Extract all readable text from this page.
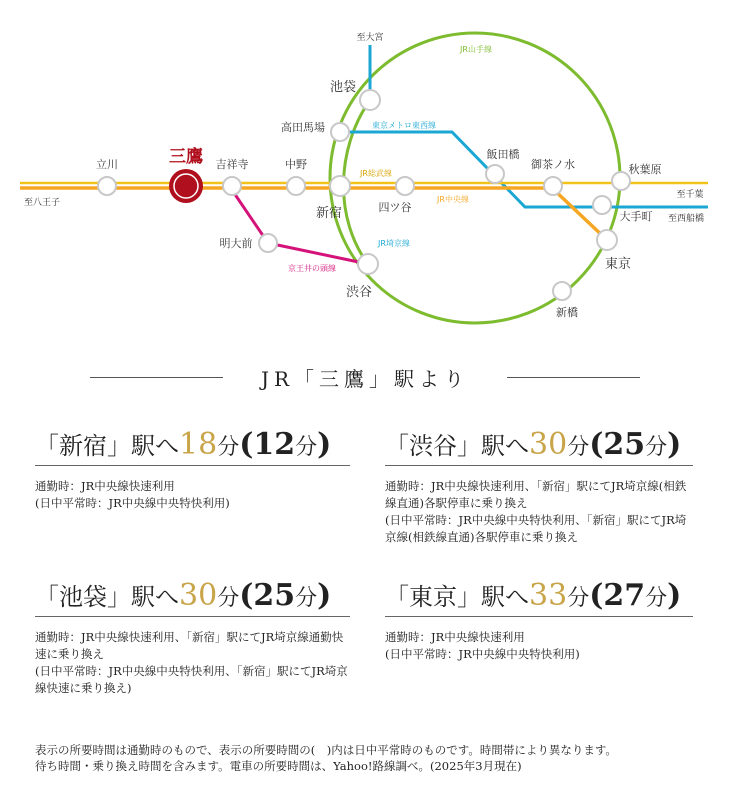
三鷹
立川	吉祥寺	中野
新宿	四ツ谷
飯田橋
御茶ノ水	秋葉原
大手町
東京
新橋
渋谷
池袋
高田馬場
明大前
至大宮
至八王子
至千葉
至西船橋
JR山手線
東京メトロ東西線
JR総武線
JR中央線
JR埼京線
京王井の頭線
JR「三鷹」駅より
「新宿」駅へ18分(12分)
通勤時：JR中央線快速利用
(日中平常時：JR中央線中央特快利用)
「渋谷」駅へ30分(25分)
通勤時：JR中央線快速利用、「新宿」駅にてJR埼京線(相鉄線直通)各駅停車に乗り換え
(日中平常時：JR中央線中央特快利用、「新宿」駅にてJR埼京線(相鉄線直通)各駅停車に乗り換え
「池袋」駅へ30分(25分)
通勤時：JR中央線快速利用、「新宿」駅にてJR埼京線通勤快速に乗り換え
(日中平常時：JR中央線中央特快利用、「新宿」駅にてJR埼京線快速に乗り換え)
「東京」駅へ33分(27分)
通勤時：JR中央線快速利用
(日中平常時：JR中央線中央特快利用)
表示の所要時間は通勤時のもので、表示の所要時間の(　)内は日中平常時のものです。時間帯により異なります。
待ち時間・乗り換え時間を含みます。電車の所要時間は、Yahoo!路線調べ。(2025年3月現在)
